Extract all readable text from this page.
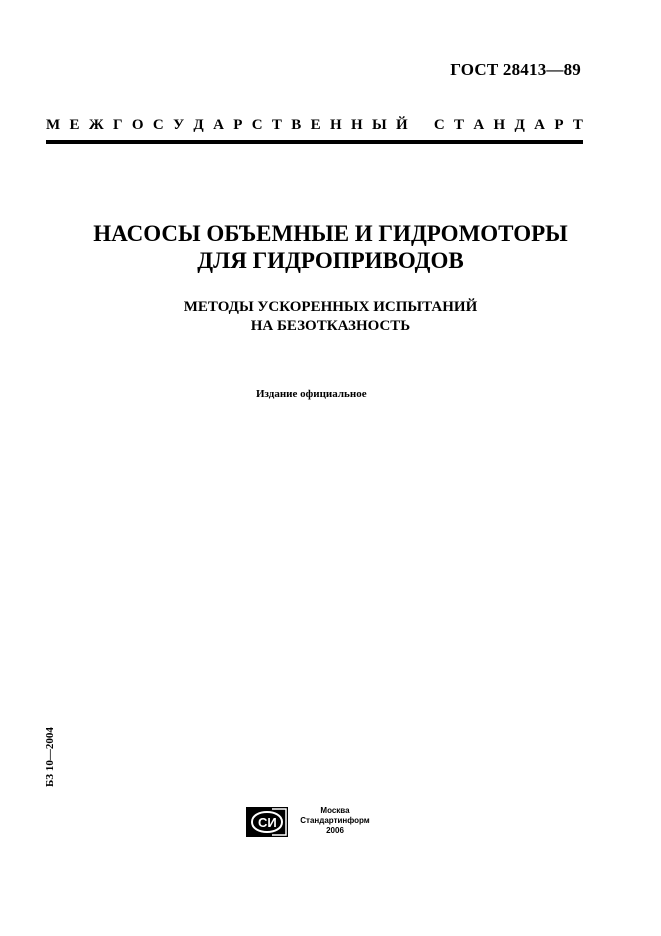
ГОСТ 28413—89
М Е Ж Г О С У Д А Р С Т В Е Н Н Ы Й
С Т А Н Д А Р Т
НАСОСЫ ОБЪЕМНЫЕ И ГИДРОМОТОРЫ
ДЛЯ ГИДРОПРИВОДОВ
МЕТОДЫ УСКОРЕННЫХ ИСПЫТАНИЙ
НА БЕЗОТКАЗНОСТЬ
Издание официальное
БЗ 10—2004
СИ
Москва
Стандартинформ
2006
